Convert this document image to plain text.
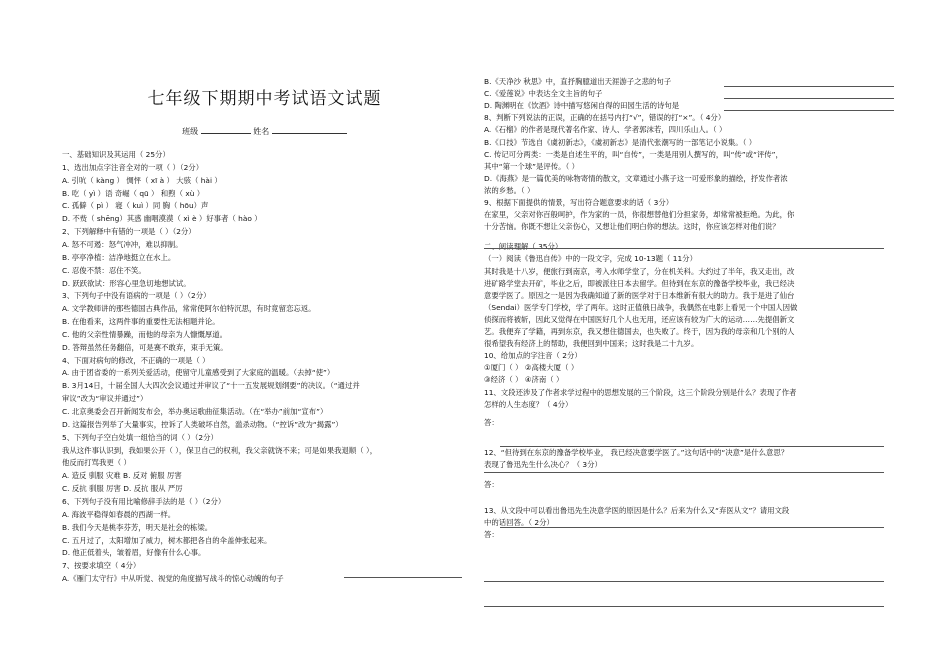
七年级下期期中考试语文试题
班级	姓名
一、基础知识及其运用（ 25分）
1、选出加点字注音全对的一项（ ）（2分）
A. 引吭（ kàng ） 惆怦（ xī à ） 大骇（ hài ）
B. 吃（ yì ）语 奇崛（ qū ） 和煦（ xù ）
C. 孤僻（ pì ） 寝（ kuì ）同 胸（ hōu）声
D. 不赀（ shēng）其惑 幽咽漠漠（ xì è ）好事者（ hào ）
2、下列解释中有错的一项是（ ）（2分）
A. 怒不可遏：怒气冲冲，难以抑制。
B. 亭亭净植：洁净地挺立在水上。
C. 忍俊不禁：忍住不笑。
D. 跃跃欲试：形容心里急切地想试试。
3、下列句子中没有语病的一项是（ ）（2分）
A. 文学教师讲的那些德国古典作品，常常使阿尔伯特沉思，有时竟留恋忘返。
B. 在他看来，这两件事的重要性无法相题并论。
C. 他的父亲性情暴躁，而他的母亲为人慷慨厚道。
D. 答辩虽然任务翻倍，可是赛不敢弃，束手无策。
4、下面对病句的修改，不正确的一项是（ ）
A. 由于团省委的一系列关爱活动，使留守儿童感受到了大家庭的温暖。（去掉“使”）
B. 3月14日，十届全国人大四次会议通过并审议了“十一五发展规划纲要”的决议。（“通过并
审议”改为“审议并通过”）
C. 北京奥委会召开新闻发布会，举办奥运歌曲征集活动。（在“举办”前加“宣布”）
D. 这篇报告列举了大量事实，控诉了人类破坏自然，滥杀动物。（“控诉”改为“揭露”）
5、下列句子空白处填一组恰当的词（ ）（2分）
我从这件事认识到，我如果公开（ ），保卫自己的权利，我父亲就饶不来；可是如果我退顺（ ），
他反而打骂我更（ ）
A. 造反 驯服 灾难 B. 反对 俯服 厉害
C. 反抗 驯服 厉害 D. 反抗 服从 严厉
6、下列句子没有用比喻修辞手法的是（ ）（2分）
A. 海波平稳得如春晨的西湖一样。
B. 我们今天是桃李芬芳，明天是社会的栋梁。
C. 五月过了，太阳增加了威力，树木都把各自的伞盖伸张起来。
D. 他正低着头，皱着眉，好像有什么心事。
7、按要求填空（ 4分）
A.《雁门太守行》中从听觉、视觉的角度描写战斗的惊心动魄的句子
B.《天净沙 秋思》中，直抒胸臆道出天涯游子之悲的句子
C.《爱莲说》中表达全文主旨的句子
D. 陶渊明在《饮酒》诗中描写悠闲自得的田园生活的诗句是
8、判断下列说法的正误，正确的在括号内打“√”，错误的打“×”。（ 4分）
A.《石榴》的作者是现代著名作家、诗人、学者郭沫若，四川乐山人。（ ）
B.《口技》节选自《虞初新志》，《虞初新志》是清代张潮写的一部笔记小说集。（ ）
C. 传记可分两类：一类是自述生平的，叫“自传”，一类是用别人撰写的，叫“传”或“评传”，
其中“第一个球”是评传。（ ）
D.《海燕》是一篇优美的咏物寄情的散文，文章通过小燕子这一可爱形象的描绘，抒发作者浓
浓的乡愁。（ ）
9、根据下面提供的情景，写出符合题意要求的话（ 3分）
在家里，父亲对你百般呵护，作为家的一员，你很想替他们分担家务，却常常被拒绝。为此，你
十分苦恼。你既不想让父亲伤心，又想让他们明白你的想法。这时，你应该怎样对他们说？
二、阅读理解（ 35分）
（一）阅读《鲁迅自传》中的一段文字，完成 10-13题（ 11分）
其时我是十八岁，便旅行到南京，考入水师学堂了，分在机关科。大约过了半年，我又走出，改
进矿路学堂去开矿，毕业之后，即被派往日本去留学。但待到在东京的豫备学校毕业，我已经决
意要学医了。原因之一是因为我确知道了新的医学对于日本维新有很大的助力。我于是进了仙台
（Sendai）医学专门学校，学了两年。这时正值俄日战争，我偶然在电影上看见一个中国人因做
侦探而将被斩，因此又觉得在中国医好几个人也无用，还应该有较为广大的运动……先提倡新文
艺。我便弃了学籍，再到东京，我又想住德国去，也失败了。终于，因为我的母亲和几个别的人
很希望我有经济上的帮助，我便回到中国来；这时我是二十九岁。
10、给加点的字注音（ 2分）
①厦门（ ） ②高楼大厦（ ）
③经济（ ） ④济南（ ）
11、文段还涉及了作者求学过程中的思想发展的三个阶段，这三个阶段分别是什么？表现了作者
怎样的人生态度？（ 4分）
答：
12、“但待到在东京的豫备学校毕业， 我已经决意要学医了。”这句话中的“决意”是什么意思？
表现了鲁迅先生什么决心？（ 3分）
答：
13、从文段中可以看出鲁迅先生决意学医的原因是什么？后来为什么又“弃医从文”？请用文段
中的话回答。（ 2分）
答：
